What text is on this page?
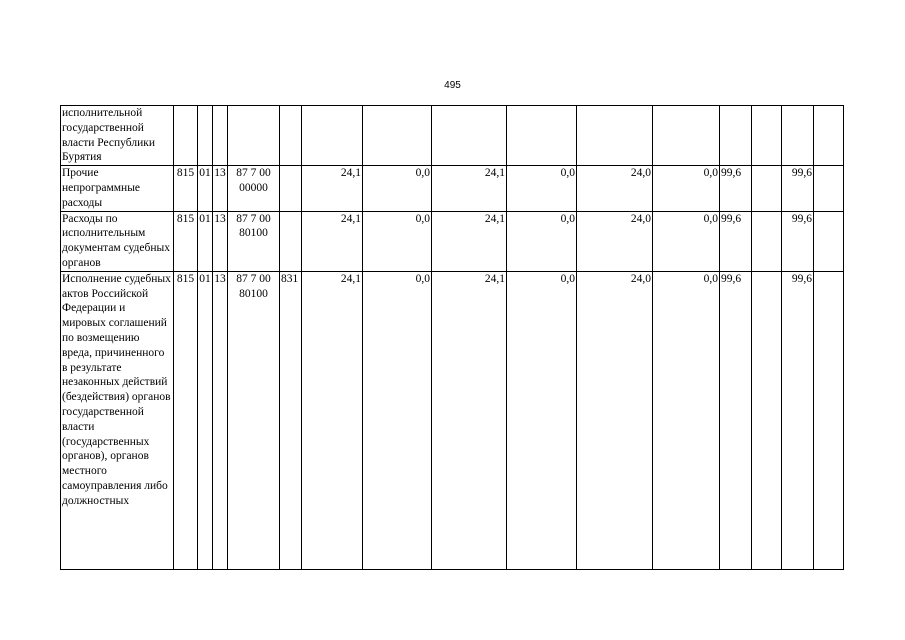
495
исполнительной государственной власти Республики Бурятия															
Прочие непрограммные расходы	815	01	13	87 7 00 00000		24,1	0,0	24,1	0,0	24,0	0,0	99,6		99,6	
Расходы по исполнительным документам судебных органов	815	01	13	87 7 00 80100		24,1	0,0	24,1	0,0	24,0	0,0	99,6		99,6	
Исполнение судебных актов Российской Федерации и мировых соглашений по возмещению вреда, причиненного в результате незаконных действий (бездействия) органов государственной власти (государственных органов), органов местного самоуправления либо должностных	815	01	13	87 7 00 80100	831	24,1	0,0	24,1	0,0	24,0	0,0	99,6		99,6	
